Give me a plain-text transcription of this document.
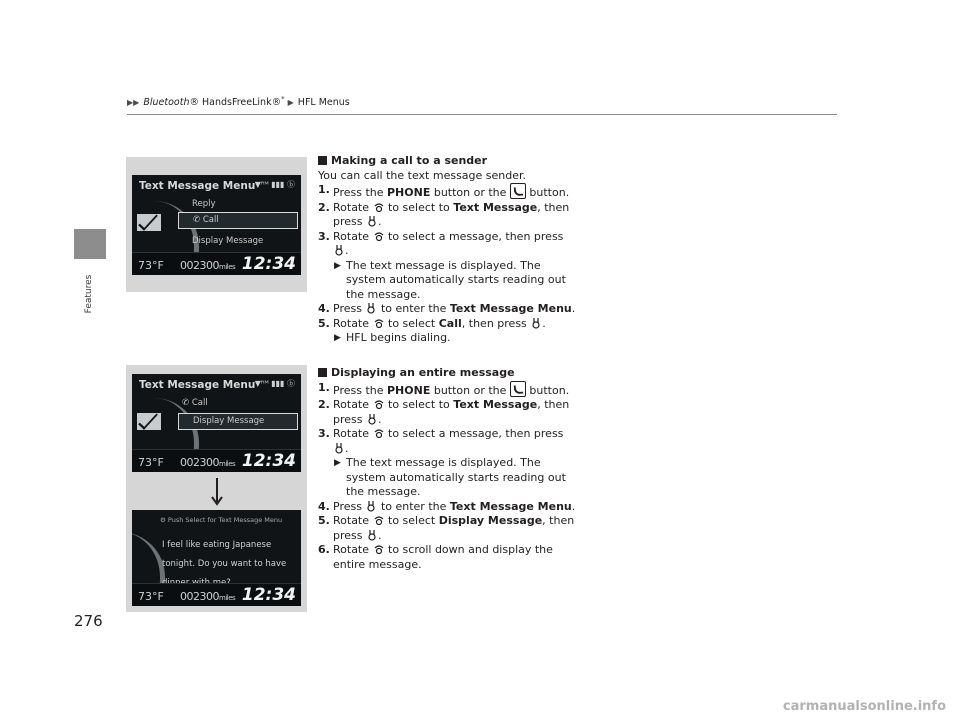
▶▶ Bluetooth® HandsFreeLink®* ▶ HFL Menus
Features
276
Text Message Menu ▼ᴿᴹ ▮▮▮ ⓑ
Reply
✆ Call
Display Message
73°F 002300miles 12:34
Text Message Menu ▼ᴿᴹ ▮▮▮ ⓑ
✆ Call
Display Message
73°F 002300miles 12:34
⚙ Push Select for Text Message Menu
I feel like eating Japanese tonight. Do you want to have
73°F 002300miles 12:34

Making a call to a sender

You can call the text message sender.

1. Press the PHONE button or the  button.

2. Rotate  to select to Text Message, then press .

3. Rotate  to select a message, then press .

▶ The text message is displayed. The system automatically starts reading out the message.

4. Press  to enter the Text Message Menu.

5. Rotate  to select Call, then press .

▶ HFL begins dialing.

Displaying an entire message

1. Press the PHONE button or the  button.

2. Rotate  to select to Text Message, then press .

3. Rotate  to select a message, then press .

▶ The text message is displayed. The system automatically starts reading out the message.

4. Press  to enter the Text Message Menu.

5. Rotate  to select Display Message, then press .

6. Rotate  to scroll down and display the entire message.

carmanualsonline.info
